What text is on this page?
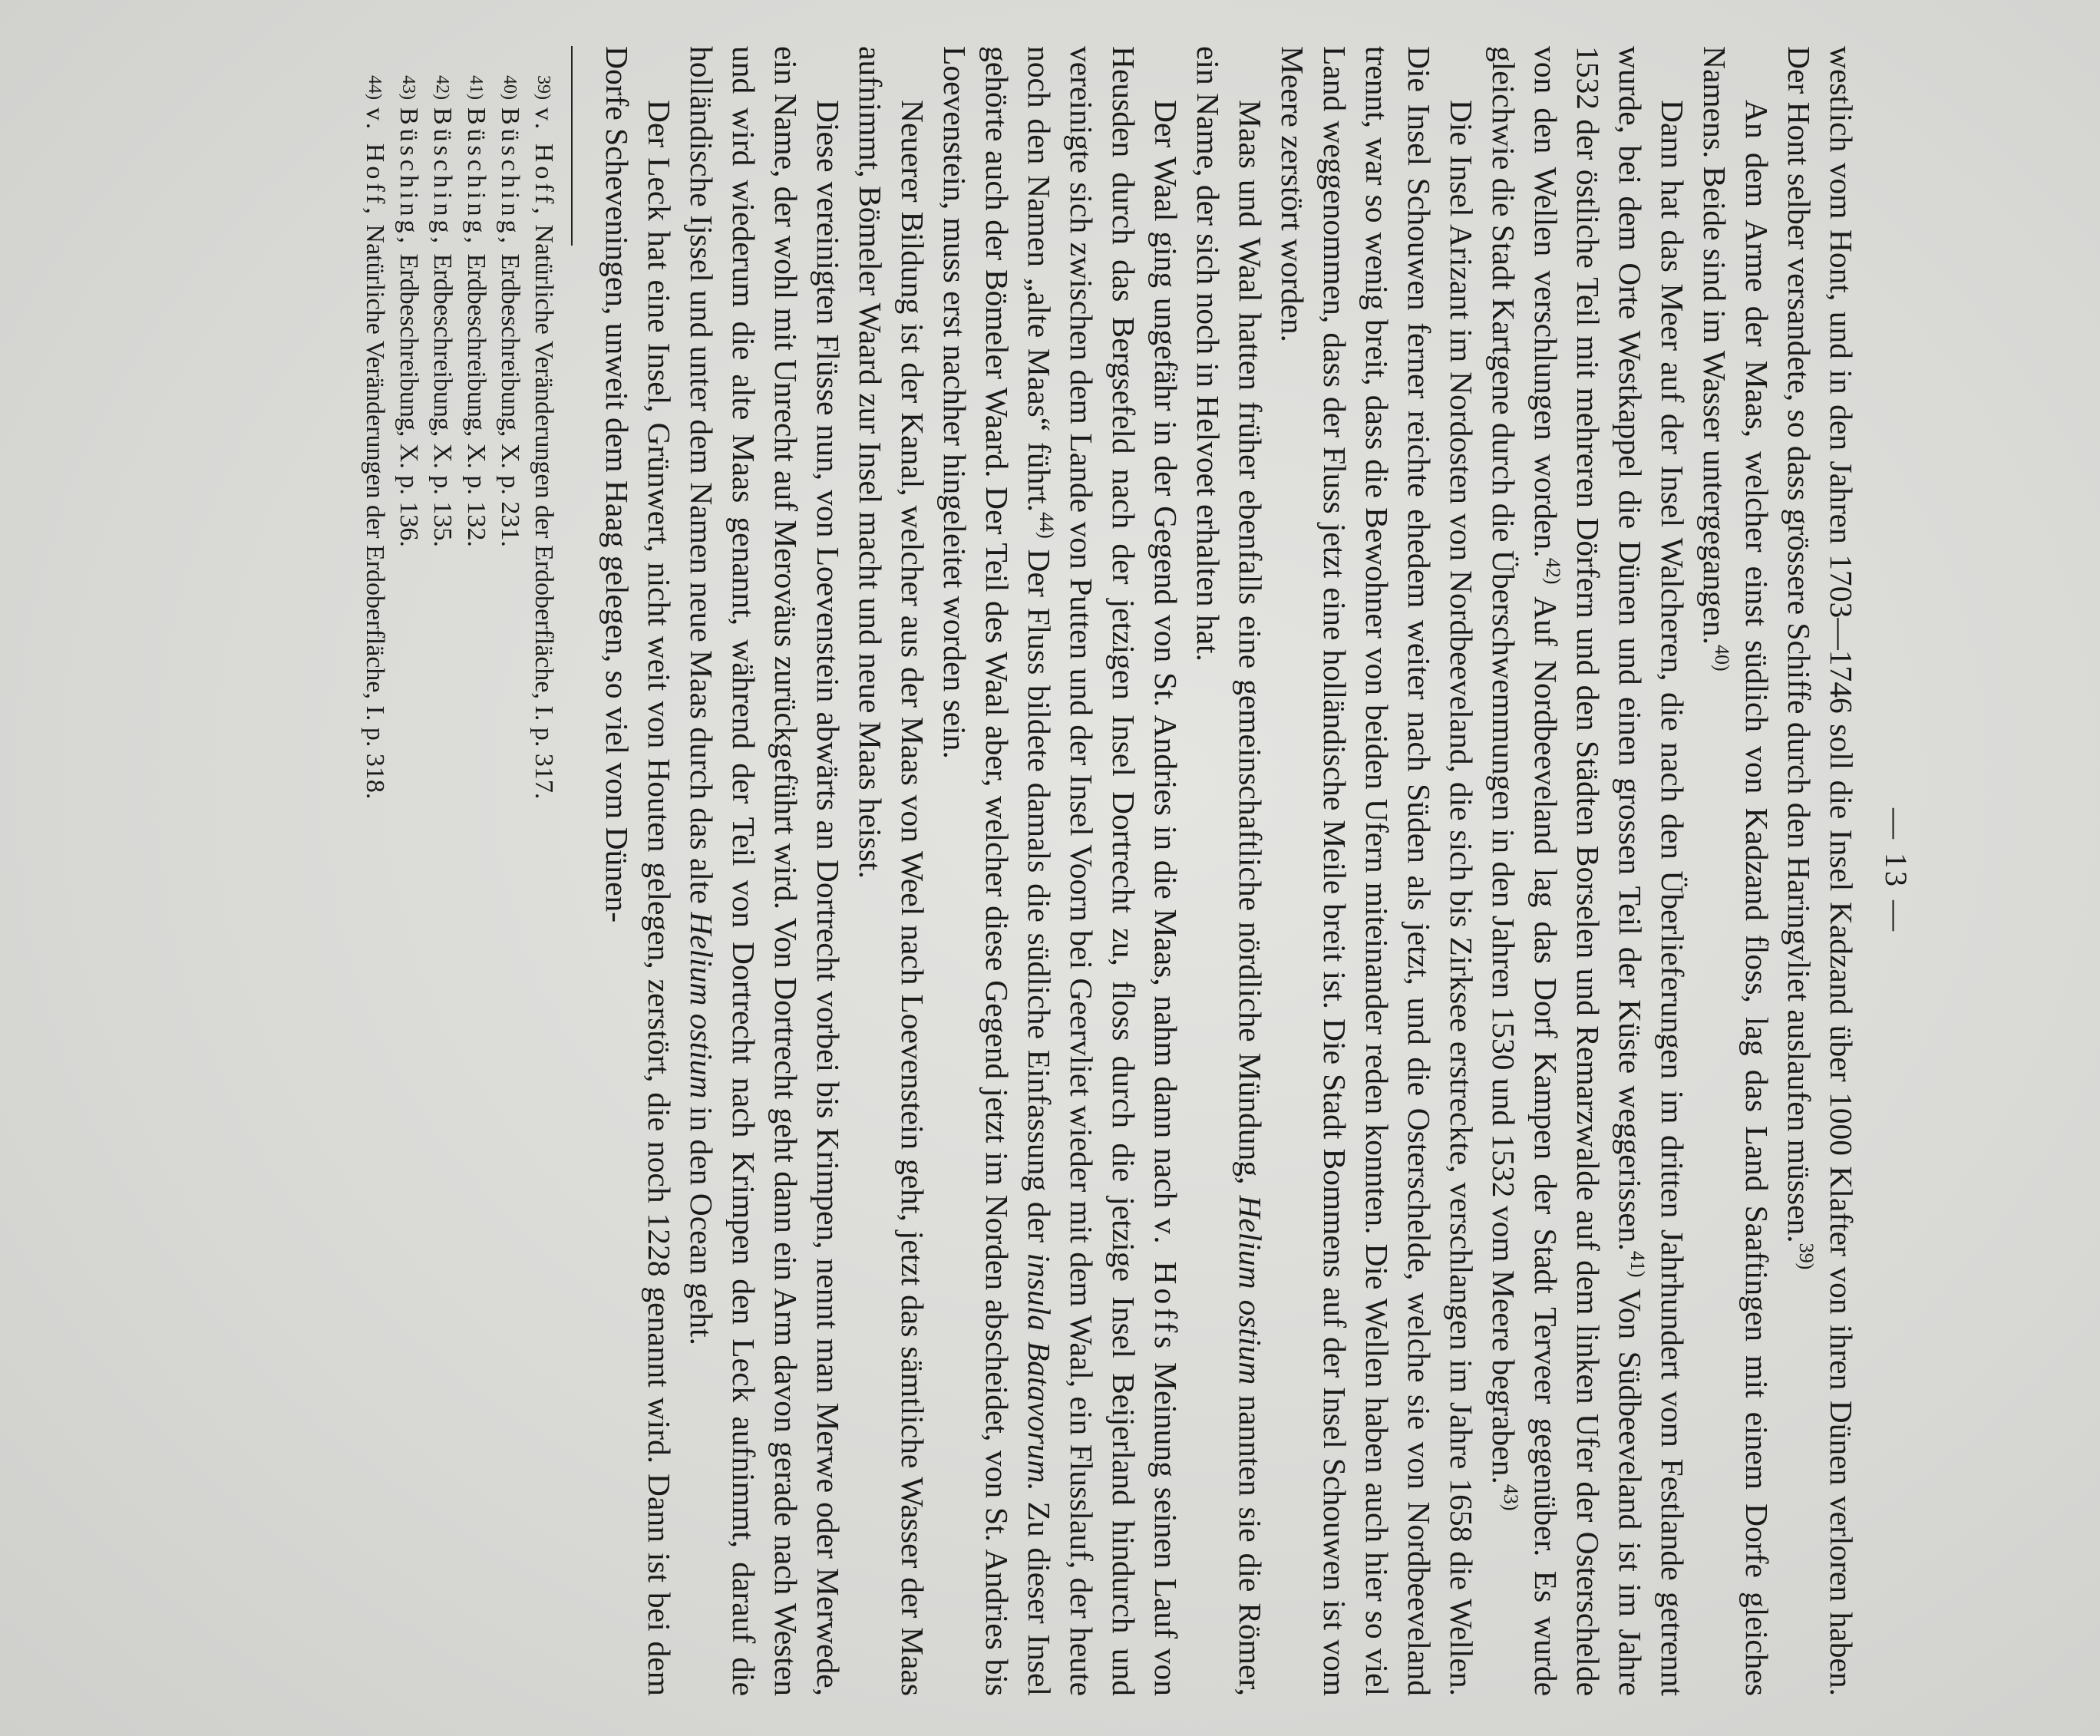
— 13 —

westlich vom Hont, und in den Jahren 1703—1746 soll die Insel Kadzand über 1000 Klafter von ihren Dünen verloren haben. Der Hont selber versandete, so dass grössere Schiffe durch den Haringvliet auslaufen müssen.$^{39)}$

An dem Arme der Maas, welcher einst südlich von Kadzand floss, lag das Land Saaftingen mit einem Dorfe gleiches Namens. Beide sind im Wasser untergegangen.$^{40)}$

Dann hat das Meer auf der Insel Walcheren, die nach den Überlieferungen im dritten Jahrhundert vom Festlande getrennt wurde, bei dem Orte Westkappel die Dünen und einen grossen Teil der Küste weggerissen.$^{41)}$ Von Südbeeveland ist im Jahre 1532 der östliche Teil mit mehreren Dörfern und den Städten Borselen und Remarzwalde auf dem linken Ufer der Osterschelde von den Wellen verschlungen worden.$^{42)}$ Auf Nordbeeveland lag das Dorf Kampen der Stadt Terveer gegenüber. Es wurde gleichwie die Stadt Kartgene durch die Überschwemmungen in den Jahren 1530 und 1532 vom Meere begraben.$^{43)}$

Die Insel Arizant im Nordosten von Nordbeeveland, die sich bis Zirksee erstreckte, verschlangen im Jahre 1658 die Wellen. Die Insel Schouwen ferner reichte ehedem weiter nach Süden als jetzt, und die Osterschelde, welche sie von Nordbeeveland trennt, war so wenig breit, dass die Bewohner von beiden Ufern miteinander reden konnten. Die Wellen haben auch hier so viel Land weggenommen, dass der Fluss jetzt eine holländische Meile breit ist. Die Stadt Bommens auf der Insel Schouwen ist vom Meere zerstört worden.

Maas und Waal hatten früher ebenfalls eine gemeinschaftliche nördliche Mündung, Helium ostium nannten sie die Römer, ein Name, der sich noch in Helvoet erhalten hat.

Der Waal ging ungefähr in der Gegend von St. Andries in die Maas, nahm dann nach v. Hoffs Meinung seinen Lauf von Heusden durch das Bergsefeld nach der jetzigen Insel Dortrecht zu, floss durch die jetzige Insel Beijerland hindurch und vereinigte sich zwischen dem Lande von Putten und der Insel Voorn bei Geervliet wieder mit dem Waal, ein Flusslauf, der heute noch den Namen „alte Maas“ führt.$^{44)}$ Der Fluss bildete damals die südliche Einfassung der insula Batavorum. Zu dieser Insel gehörte auch der Bömeler Waard. Der Teil des Waal aber, welcher diese Gegend jetzt im Norden abscheidet, von St. Andries bis Loevenstein, muss erst nachher hingeleitet worden sein.

Neuerer Bildung ist der Kanal, welcher aus der Maas von Weel nach Loevenstein geht, jetzt das sämtliche Wasser der Maas aufnimmt, Bömeler Waard zur Insel macht und neue Maas heisst.

Diese vereinigten Flüsse nun, von Loevenstein abwärts an Dortrecht vorbei bis Krimpen, nennt man Merwe oder Merwede, ein Name, der wohl mit Unrecht auf Meroväus zurückgeführt wird. Von Dortrecht geht dann ein Arm davon gerade nach Westen und wird wiederum die alte Maas genannt, während der Teil von Dortrecht nach Krimpen den Leck aufnimmt, darauf die holländische Ijssel und unter dem Namen neue Maas durch das alte Helium ostium in den Ocean geht.

Der Leck hat eine Insel, Grünwert, nicht weit von Houten gelegen, zerstört, die noch 1228 genannt wird. Dann ist bei dem Dorfe Scheveningen, unweit dem Haag gelegen, so viel vom Dünen-

39)
v. Hoff, Natürliche Veränderungen der Erdoberfläche, I. p. 317.
40)
Büsching, Erdbeschreibung, X. p. 231.
41)
Büsching, Erdbeschreibung, X. p. 132.
42)
Büsching, Erdbeschreibung, X. p. 135.
43)
Büsching, Erdbeschreibung, X. p. 136.
44)
v. Hoff, Natürliche Veränderungen der Erdoberfläche, I. p. 318.
